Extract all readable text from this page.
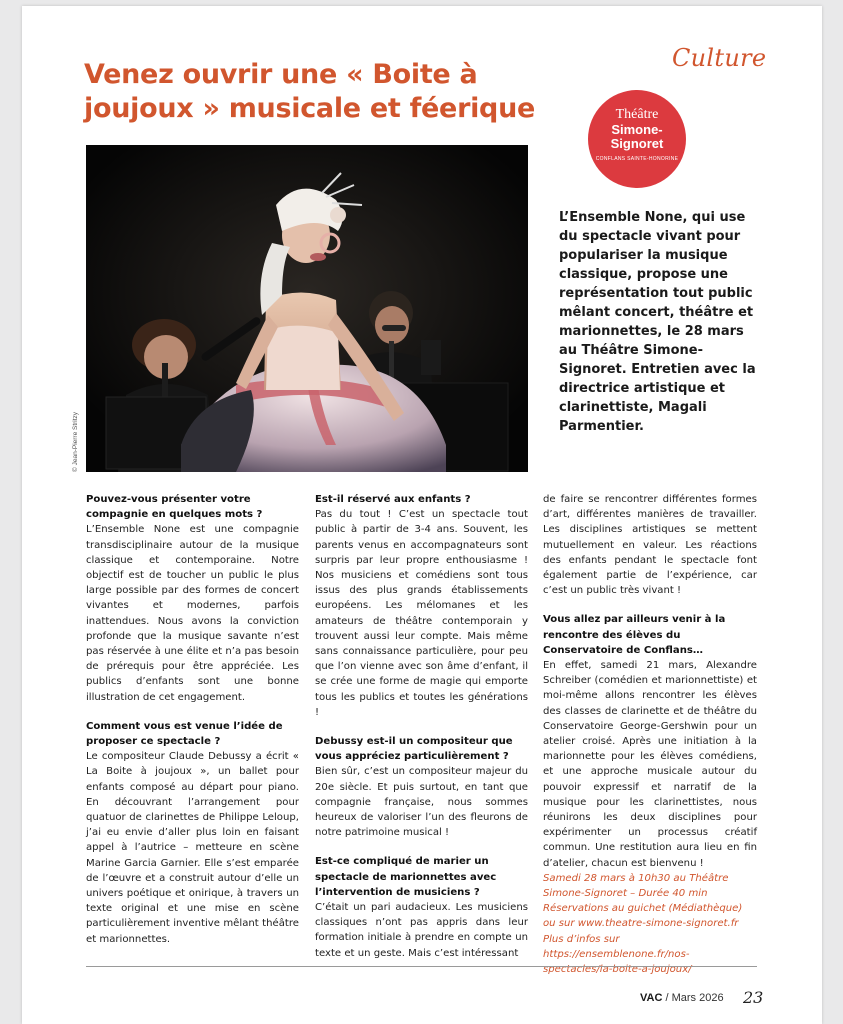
Culture
Venez ouvrir une « Boite à joujoux » musicale et féerique	Théâtre
Simone-
Signoret
CONFLANS SAINTE-HONORINE

L’Ensemble None, qui use du spectacle vivant pour populariser la musique classique, propose une représentation tout public mêlant concert, théâtre et marionnettes, le 28 mars au Théâtre Simone-Signoret. Entretien avec la directrice artistique et clarinettiste, Magali Parmentier.

Pouvez-vous présenter votre compagnie en quelques mots ?

L’Ensemble None est une compagnie transdisciplinaire autour de la musique classique et contemporaine. Notre objectif est de toucher un public le plus large possible par des formes de concert vivantes et modernes, parfois inattendues. Nous avons la conviction profonde que la musique savante n’est pas réservée à une élite et n’a pas besoin de prérequis pour être appréciée. Les publics d’enfants sont une bonne illustration de cet engagement.

Comment vous est venue l’idée de proposer ce spectacle ?

Le compositeur Claude Debussy a écrit « La Boite à joujoux », un ballet pour enfants composé au départ pour piano. En découvrant l’arrangement pour quatuor de clarinettes de Philippe Leloup, j’ai eu envie d’aller plus loin en faisant appel à l’autrice – metteure en scène Marine Garcia Garnier. Elle s’est emparée de l’œuvre et a construit autour d’elle un univers poétique et onirique, à travers un texte original et une mise en scène particulièrement inventive mêlant théâtre et marionnettes.

Est-il réservé aux enfants ?

Pas du tout ! C’est un spectacle tout public à partir de 3-4 ans. Souvent, les parents venus en accompagnateurs sont surpris par leur propre enthousiasme ! Nos musiciens et comédiens sont tous issus des plus grands établissements européens. Les mélomanes et les amateurs de théâtre contemporain y trouvent aussi leur compte. Mais même sans connaissance particulière, pour peu que l’on vienne avec son âme d’enfant, il se crée une forme de magie qui emporte tous les publics et toutes les générations !

Debussy est-il un compositeur que vous appréciez particulièrement ?

Bien sûr, c’est un compositeur majeur du 20e siècle. Et puis surtout, en tant que compagnie française, nous sommes heureux de valoriser l’un des fleurons de notre patrimoine musical !

Est-ce compliqué de marier un spectacle de marionnettes avec l’intervention de musiciens ?

C’était un pari audacieux. Les musiciens classiques n’ont pas appris dans leur formation initiale à prendre en compte un texte et un geste. Mais c’est intéressant

de faire se rencontrer différentes formes d’art, différentes manières de travailler. Les disciplines artistiques se mettent mutuellement en valeur. Les réactions des enfants pendant le spectacle font également partie de l’expérience, car c’est un public très vivant !

Vous allez par ailleurs venir à la rencontre des élèves du Conservatoire de Conflans…

En effet, samedi 21 mars, Alexandre Schreiber (comédien et marionnettiste) et moi-même allons rencontrer les élèves des classes de clarinette et de théâtre du Conservatoire George-Gershwin pour un atelier croisé. Après une initiation à la marionnette pour les élèves comédiens, et une approche musicale autour du pouvoir expressif et narratif de la musique pour les clarinettistes, nous réunirons les deux disciplines pour expérimenter un processus créatif commun. Une restitution aura lieu en fin d’atelier, chacun est bienvenu !

Samedi 28 mars à 10h30 au Théâtre Simone-Signoret – Durée 40 min Réservations au guichet (Médiathèque) ou sur www.theatre-simone-signoret.fr Plus d’infos sur https://ensemblenone.fr/nos-spectacles/la-boite-a-joujoux/

VAC / Mars 2026 23
